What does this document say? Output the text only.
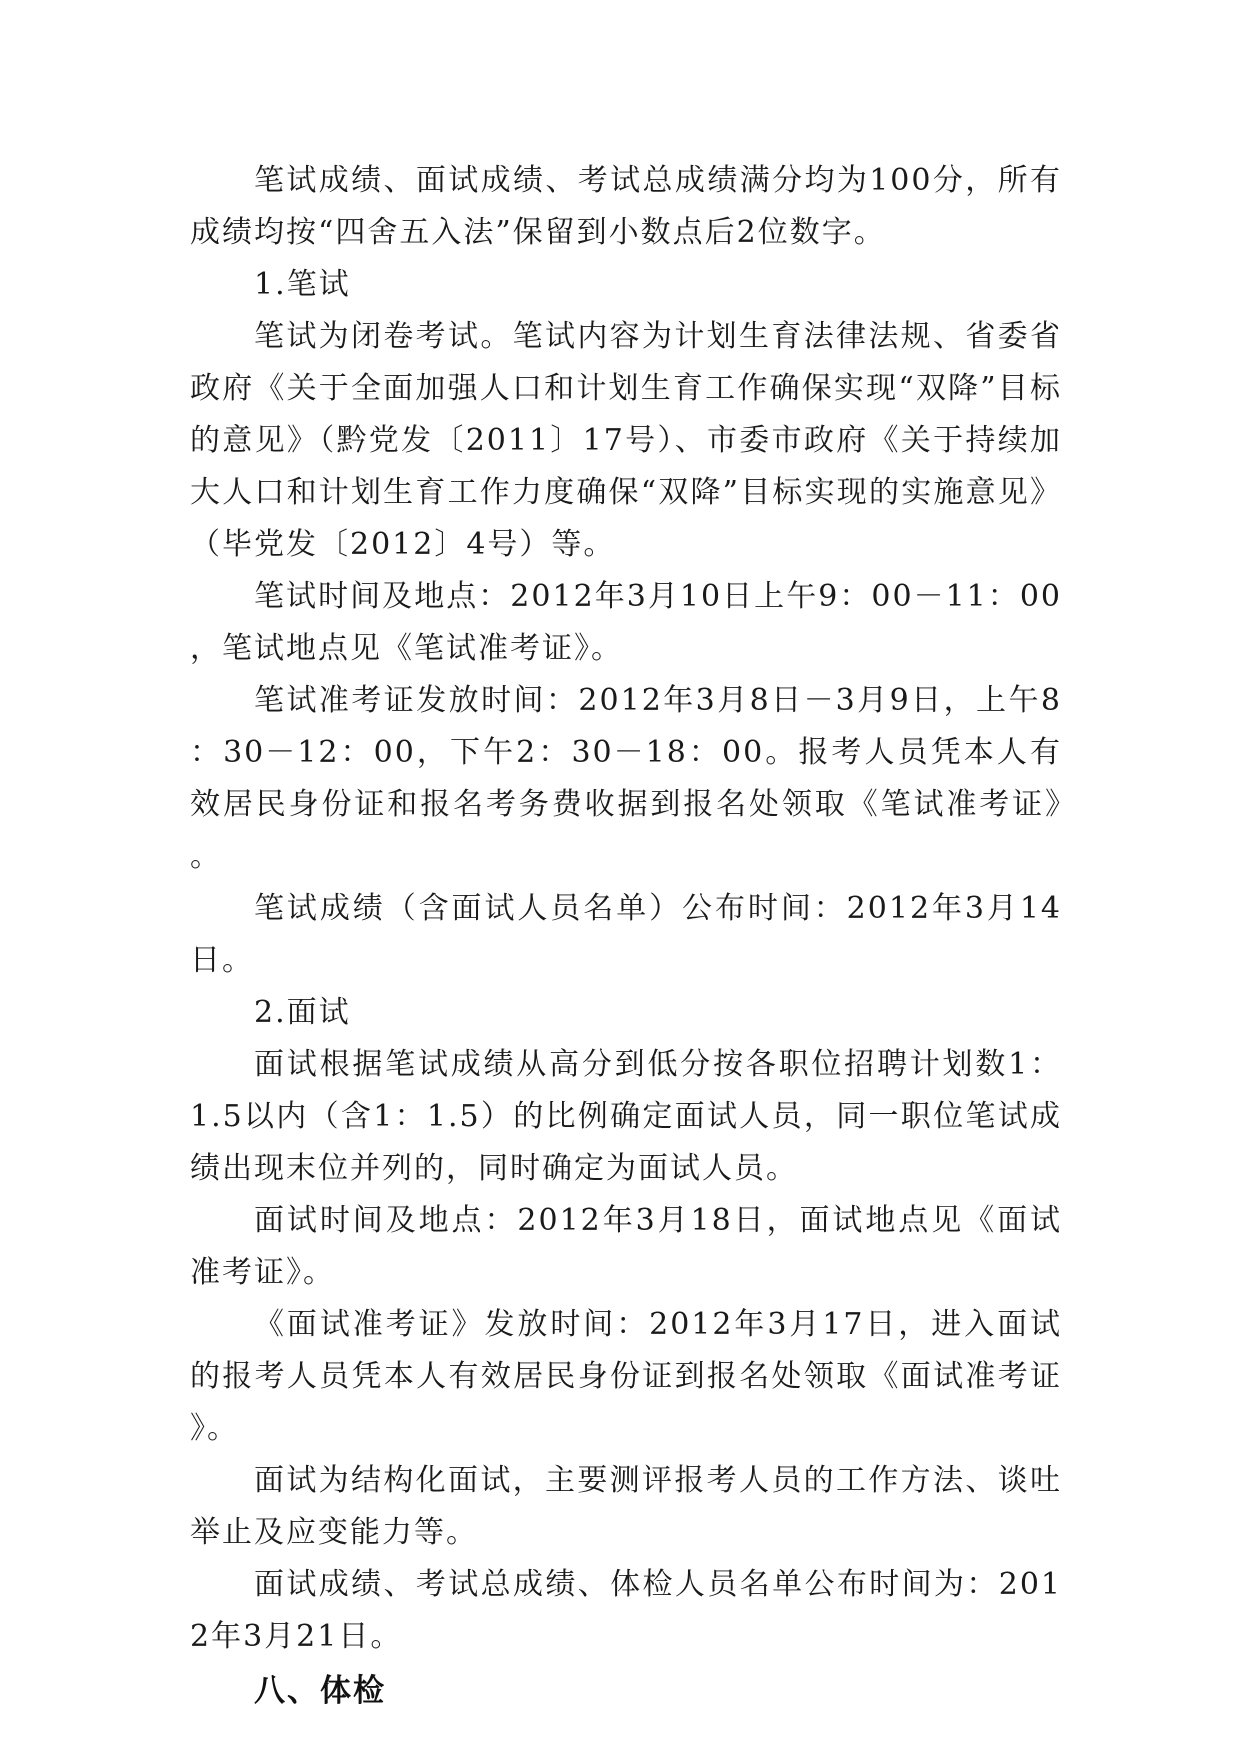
笔试成绩、面试成绩、考试总成绩满分均为100分，所有成绩均按“四舍五入法”保留到小数点后2位数字。

1.笔试

笔试为闭卷考试。笔试内容为计划生育法律法规、省委省政府《关于全面加强人口和计划生育工作确保实现“双降”目标的意见》（黔党发〔2011〕17号）、市委市政府《关于持续加大人口和计划生育工作力度确保“双降”目标实现的实施意见》（毕党发〔2012〕4号）等。

笔试时间及地点：2012年3月10日上午9：00－11：00，笔试地点见《笔试准考证》。

笔试准考证发放时间：2012年3月8日－3月9日，上午8：30－12：00，下午2：30－18：00。报考人员凭本人有效居民身份证和报名考务费收据到报名处领取《笔试准考证》。

笔试成绩（含面试人员名单）公布时间：2012年3月14日。

2.面试

面试根据笔试成绩从高分到低分按各职位招聘计划数1：1.5以内（含1：1.5）的比例确定面试人员，同一职位笔试成绩出现末位并列的，同时确定为面试人员。

面试时间及地点：2012年3月18日，面试地点见《面试准考证》。

《面试准考证》发放时间：2012年3月17日，进入面试的报考人员凭本人有效居民身份证到报名处领取《面试准考证》。

面试为结构化面试，主要测评报考人员的工作方法、谈吐举止及应变能力等。

面试成绩、考试总成绩、体检人员名单公布时间为：2012年3月21日。

八、体检
